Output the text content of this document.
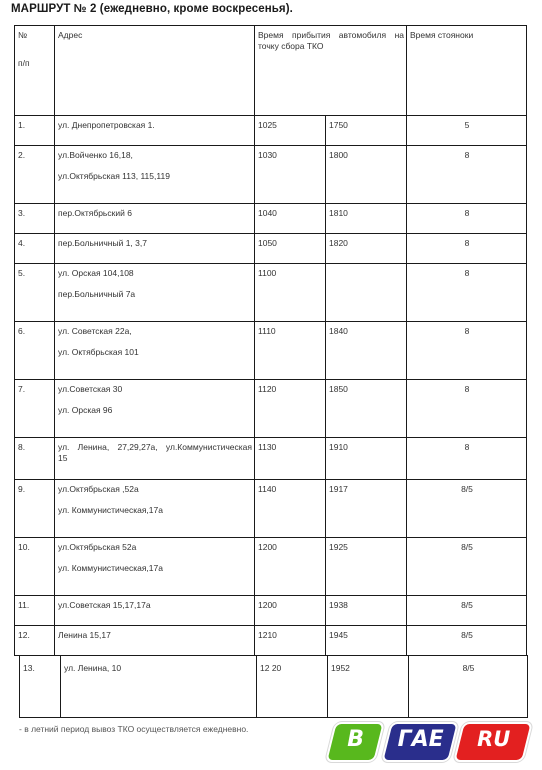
МАРШРУТ № 2 (ежедневно, кроме воскресенья).
№
п/п	Адрес	Время прибытия автомобиля на точку сбора ТКО		Время стояноки
1.	ул. Днепропетровская 1.	1025	1750	5
2.	ул.Войченко 16,18,
ул.Октябрьская 113, 115,119	1030	1800	8
3.	пер.Октябрьский 6	1040	1810	8
4.	пер.Больничный 1, 3,7	1050	1820	8
5.	ул. Орская 104,108
пер.Больничный 7а	1100		8
6.	ул. Советская 22а,
ул. Октябрьская 101	1110	1840	8
7.	ул.Советская 30
ул. Орская 96	1120	1850	8
8.	ул. Ленина, 27,29,27а, ул.Коммунистическая
15	1130	1910	8
9.	ул.Октябрьская ,52а
ул. Коммунистическая,17а	1140	1917	8/5
10.	ул.Октябрьская 52а
ул. Коммунистическая,17а	1200	1925	8/5
11.	ул.Советская 15,17,17а	1200	1938	8/5
12.	Ленина 15,17	1210	1945	8/5
13.	ул. Ленина, 10	12 20	1952	8/5
- в летний период вывоз ТКО осуществляется ежедневно.	В	ГАЕ	RU
